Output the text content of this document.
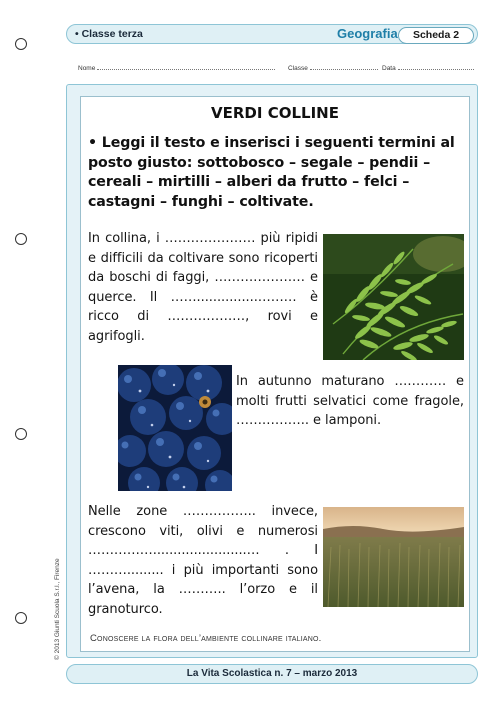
• Classe terza	Geografia	Scheda 2
Nome	Classe	Data
VERDI COLLINE
• Leggi il testo e inserisci i seguenti termini al posto giusto: sottobosco – segale – pendii – cereali – mirtilli – alberi da frutto – felci – castagni – funghi – coltivate.
In collina, i ………………… più ripidi e difficili da coltivare sono ricoperti da boschi di faggi, ………………… e querce. Il ……...............……… è ricco di ………………, rovi e agrifogli.
In autunno maturano ………… e molti frutti selvatici come fragole, …………….. e lamponi.
Nelle zone …………….. invece, crescono viti, olivi e numerosi …………….......................… . I ………......... i più importanti sono l’avena, la ……….. l’orzo e il granoturco.
Conoscere la flora dell’ambiente collinare italiano.
© 2013 Giunti Scuola S.r.l., Firenze
La Vita Scolastica n. 7 – marzo 2013
